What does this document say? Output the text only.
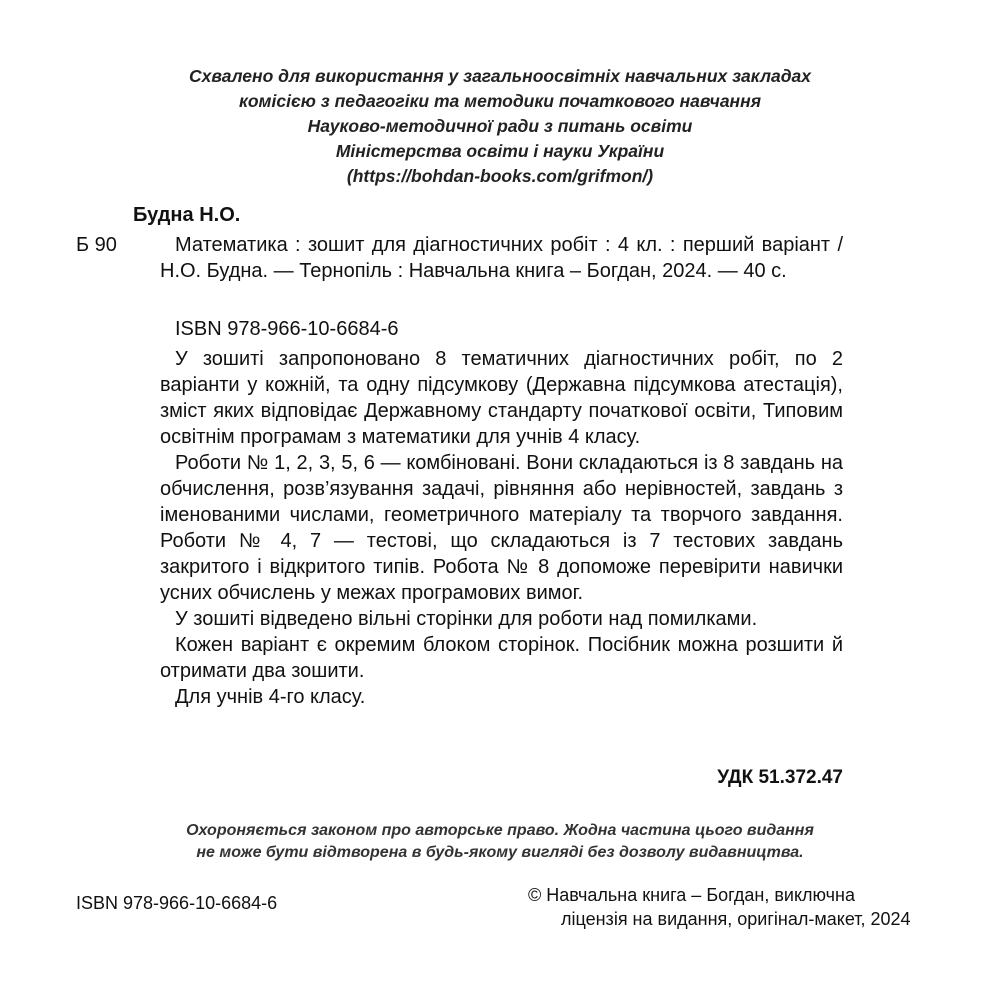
Схвалено для використання у загальноосвітніх навчальних закладах
комісією з педагогіки та методики початкового навчання
Науково-методичної ради з питань освіти
Міністерства освіти і науки України
(https://bohdan-books.com/grifmon/)
Будна Н.О.
Б 90	Математика : зошит для діагностичних робіт : 4 кл. : перший варіант / Н.О. Будна. — Тернопіль : Навчальна книга – Богдан, 2024. — 40 с.

ISBN 978-966-10-6684-6

У зошиті запропоновано 8 тематичних діагностичних робіт, по 2 варіанти у кожній, та одну підсумкову (Державна підсумкова атестація), зміст яких відповідає Державному стандарту початкової освіти, Типовим освітнім програмам з математики для учнів 4 класу.

Роботи № 1, 2, 3, 5, 6 — комбіновані. Вони складаються із 8 завдань на обчислення, розв’язування задачі, рівняння або нерівностей, завдань з іменованими числами, геометричного матеріалу та творчого завдання. Роботи № 4, 7 — тестові, що складаються із 7 тестових завдань закритого і відкритого типів. Робота № 8 допоможе перевірити навички усних обчислень у межах програмових вимог.

У зошиті відведено вільні сторінки для роботи над помилками.

Кожен варіант є окремим блоком сторінок. Посібник можна розшити й отримати два зошити.

Для учнів 4-го класу.

УДК 51.372.47
Охороняється законом про авторське право. Жодна частина цього видання
не може бути відтворена в будь-якому вигляді без дозволу видавництва.
ISBN 978-966-10-6684-6	© Навчальна книга – Богдан, виключна
ліцензія на видання, оригінал-макет, 2024
